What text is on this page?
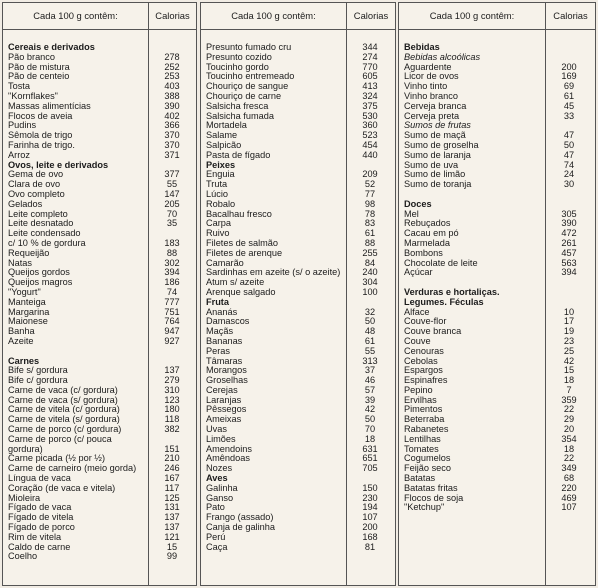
Cada 100 g contêm:	Calorias
Cereais e derivados
Pão branco	278
Pão de mistura	252
Pão de centeio	253
Tosta	403
"Kornflakes"	388
Massas alimentícias	390
Flocos de aveia	402
Pudins	366
Sêmola de trigo	370
Farinha de trigo.	370
Arroz	371
Ovos, leite e derivados
Gema de ovo	377
Clara de ovo	55
Ovo completo	147
Gelados	205
Leite completo	70
Leite desnatado	35
Leite condensado
c/ 10 % de gordura	183
Requeijão	88
Natas	302
Queijos gordos	394
Queijos magros	186
"Yogurt"	74
Manteiga	777
Margarina	751
Maionese	764
Banha	947
Azeite	927
Carnes
Bife s/ gordura	137
Bife c/ gordura	279
Carne de vaca (c/ gordura)	310
Carne de vaca (s/ gordura)	123
Carne de vitela (c/ gordura)	180
Carne de vitela (s/ gordura)	118
Carne de porco (c/ gordura)	382
Carne de porco (c/ pouca
gordura)	151
Carne picada (½ por ½)	210
Carne de carneiro (meio gorda)	246
Língua de vaca	167
Coração (de vaca e vitela)	117
Mioleira	125
Fígado de vaca	131
Fígado de vitela	137
Fígado de porco	137
Rim de vitela	121
Caldo de carne	15
Coelho	99
Cada 100 g contêm:	Calorias
Presunto fumado cru	344
Presunto cozido	274
Toucinho gordo	770
Toucinho entremeado	605
Chouriço de sangue	413
Chouriço de carne	324
Salsicha fresca	375
Salsicha fumada	530
Mortadela	360
Salame	523
Salpicão	454
Pasta de fígado	440
Peixes
Enguia	209
Truta	52
Lúcio	77
Robalo	98
Bacalhau fresco	78
Carpa	83
Ruivo	61
Filetes de salmão	88
Filetes de arenque	255
Camarão	84
Sardinhas em azeite (s/ o azeite)	240
Atum s/ azeite	304
Arenque salgado	100
Fruta
Ananás	32
Damascos	50
Maçãs	48
Bananas	61
Peras	55
Tâmaras	313
Morangos	37
Groselhas	46
Cerejas	57
Laranjas	39
Pêssegos	42
Ameixas	50
Uvas	70
Limões	18
Amendoins	631
Amêndoas	651
Nozes	705
Aves
Galinha	150
Ganso	230
Pato	194
Frango (assado)	107
Canja de galinha	200
Perú	168
Caça	81
Cada 100 g contêm:	Calorias
Bebidas
Bebidas alcoólicas
Aguardente	200
Licor de ovos	169
Vinho tinto	69
Vinho branco	61
Cerveja branca	45
Cerveja preta	33
Sumos de frutas
Sumo de maçã	47
Sumo de groselha	50
Sumo de laranja	47
Sumo de uva	74
Sumo de limão	24
Sumo de toranja	30
Doces
Mel	305
Rebuçados	390
Cacau em pó	472
Marmelada	261
Bombons	457
Chocolate de leite	563
Açúcar	394
Verduras e hortaliças.
Legumes. Féculas
Alface	10
Couve-flor	17
Couve branca	19
Couve	23
Cenouras	25
Cebolas	42
Espargos	15
Espinafres	18
Pepino	7
Ervilhas	359
Pimentos	22
Beterraba	29
Rabanetes	20
Lentilhas	354
Tomates	18
Cogumelos	22
Feijão seco	349
Batatas	68
Batatas fritas	220
Flocos de soja	469
"Ketchup"	107
